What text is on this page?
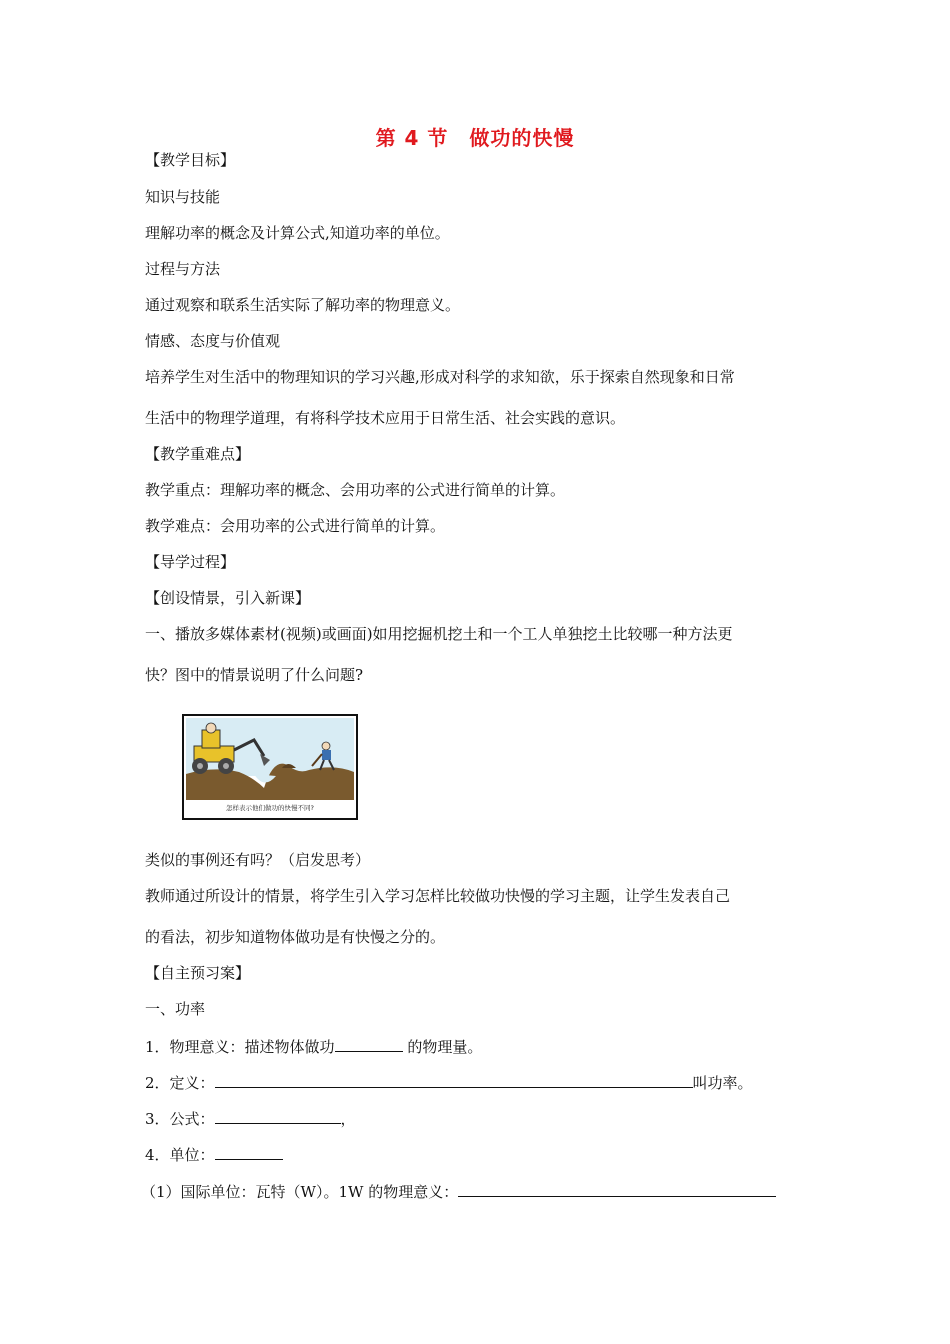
第 4 节　做功的快慢
【教学目标】
知识与技能
理解功率的概念及计算公式,知道功率的单位。
过程与方法
通过观察和联系生活实际了解功率的物理意义。
情感、态度与价值观
培养学生对生活中的物理知识的学习兴趣,形成对科学的求知欲，乐于探索自然现象和日常
生活中的物理学道理，有将科学技术应用于日常生活、社会实践的意识。
【教学重难点】
教学重点：理解功率的概念、会用功率的公式进行简单的计算。
教学难点：会用功率的公式进行简单的计算。
【导学过程】
【创设情景，引入新课】
一、播放多媒体素材(视频)或画面)如用挖掘机挖土和一个工人单独挖土比较哪一种方法更
快？图中的情景说明了什么问题?
怎样表示他们做功的快慢不同?
类似的事例还有吗？（启发思考）
教师通过所设计的情景，将学生引入学习怎样比较做功快慢的学习主题，让学生发表自己
的看法，初步知道物体做功是有快慢之分的。
【自主预习案】
一、功率
1．物理意义：描述物体做功	的物理量。
2．定义：	叫功率。
3．公式：	，
4．单位：
（1）国际单位：瓦特（W）。1W 的物理意义：
